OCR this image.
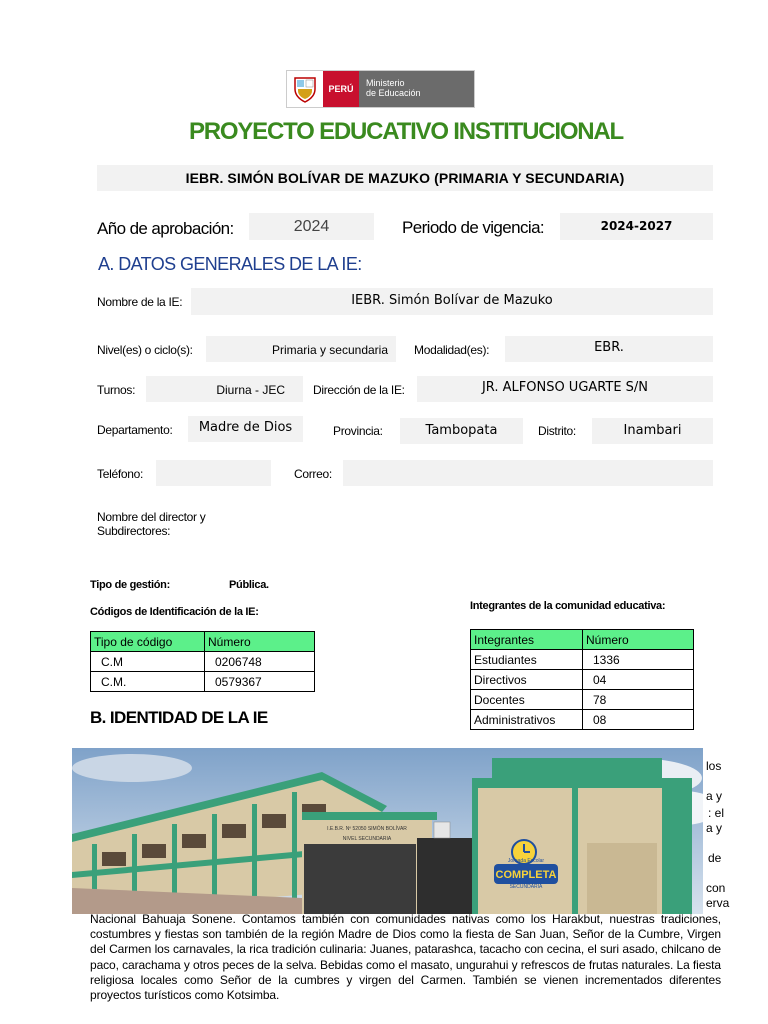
PERÚ
Ministerio
de Educación
PROYECTO EDUCATIVO INSTITUCIONAL
IEBR. SIMÓN BOLÍVAR DE MAZUKO (PRIMARIA Y SECUNDARIA)
Año de aprobación:	2024	Periodo de vigencia:	2024-2027
A. DATOS GENERALES DE LA IE:
Nombre de la IE:	IEBR. Simón Bolívar de Mazuko
Nivel(es) o ciclo(s):	Primaria y secundaria Modalidad(es):	EBR.
Turnos:	Diurna - JEC Dirección de la IE:	JR. ALFONSO UGARTE S/N
Departamento:	Madre de Dios	Provincia:	Tambopata	Distrito:	Inambari
Teléfono:	Correo:
Nombre del director y
Subdirectores:
Tipo de gestión:	Pública.
Códigos de Identificación de la IE:	Integrantes de la comunidad educativa:
Tipo de código	Número
C.M	0206748
C.M.	0579367
Integrantes	Número
Estudiantes	1336
Directivos	04
Docentes	78
Administrativos	08
B. IDENTIDAD DE LA IE
los
a y
: el
a y
de
con
erva
Jornada Escolar
COMPLETA
SECUNDARIA
I.E.B.R. Nº 52050 SIMÓN BOLÍVAR
NIVEL SECUNDARIA
Nacional Bahuaja Sonene. Contamos también con comunidades nativas como los Harakbut, nuestras tradiciones, costumbres y fiestas son también de la región Madre de Dios como la fiesta de San Juan, Señor de la Cumbre, Virgen del Carmen los carnavales, la rica tradición culinaria: Juanes, patarashca, tacacho con cecina, el suri asado, chilcano de paco, carachama y otros peces de la selva. Bebidas como el masato, ungurahui y refrescos de frutas naturales. La fiesta religiosa locales como Señor de la cumbres y virgen del Carmen. También se vienen incrementados diferentes proyectos turísticos como Kotsimba.
